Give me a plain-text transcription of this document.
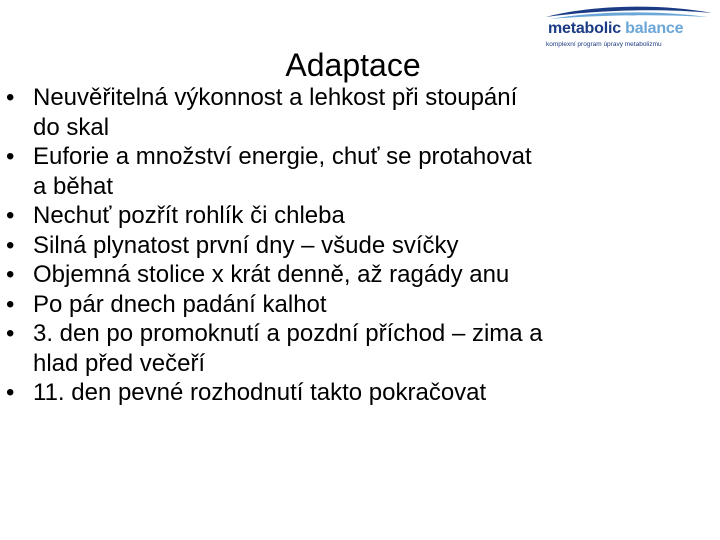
Adaptace
metabolic balance
komplexní program úpravy metabolizmu
• Neuvěřitelná výkonnost a lehkost při stoupání
do skal
• Euforie a množství energie, chuť se protahovat
a běhat
• Nechuť pozřít rohlík či chleba
• Silná plynatost první dny – všude svíčky
• Objemná stolice x krát denně, až ragády anu
• Po pár dnech padání kalhot
• 3. den po promoknutí a pozdní příchod – zima a
hlad před večeří
• 11. den pevné rozhodnutí takto pokračovat
